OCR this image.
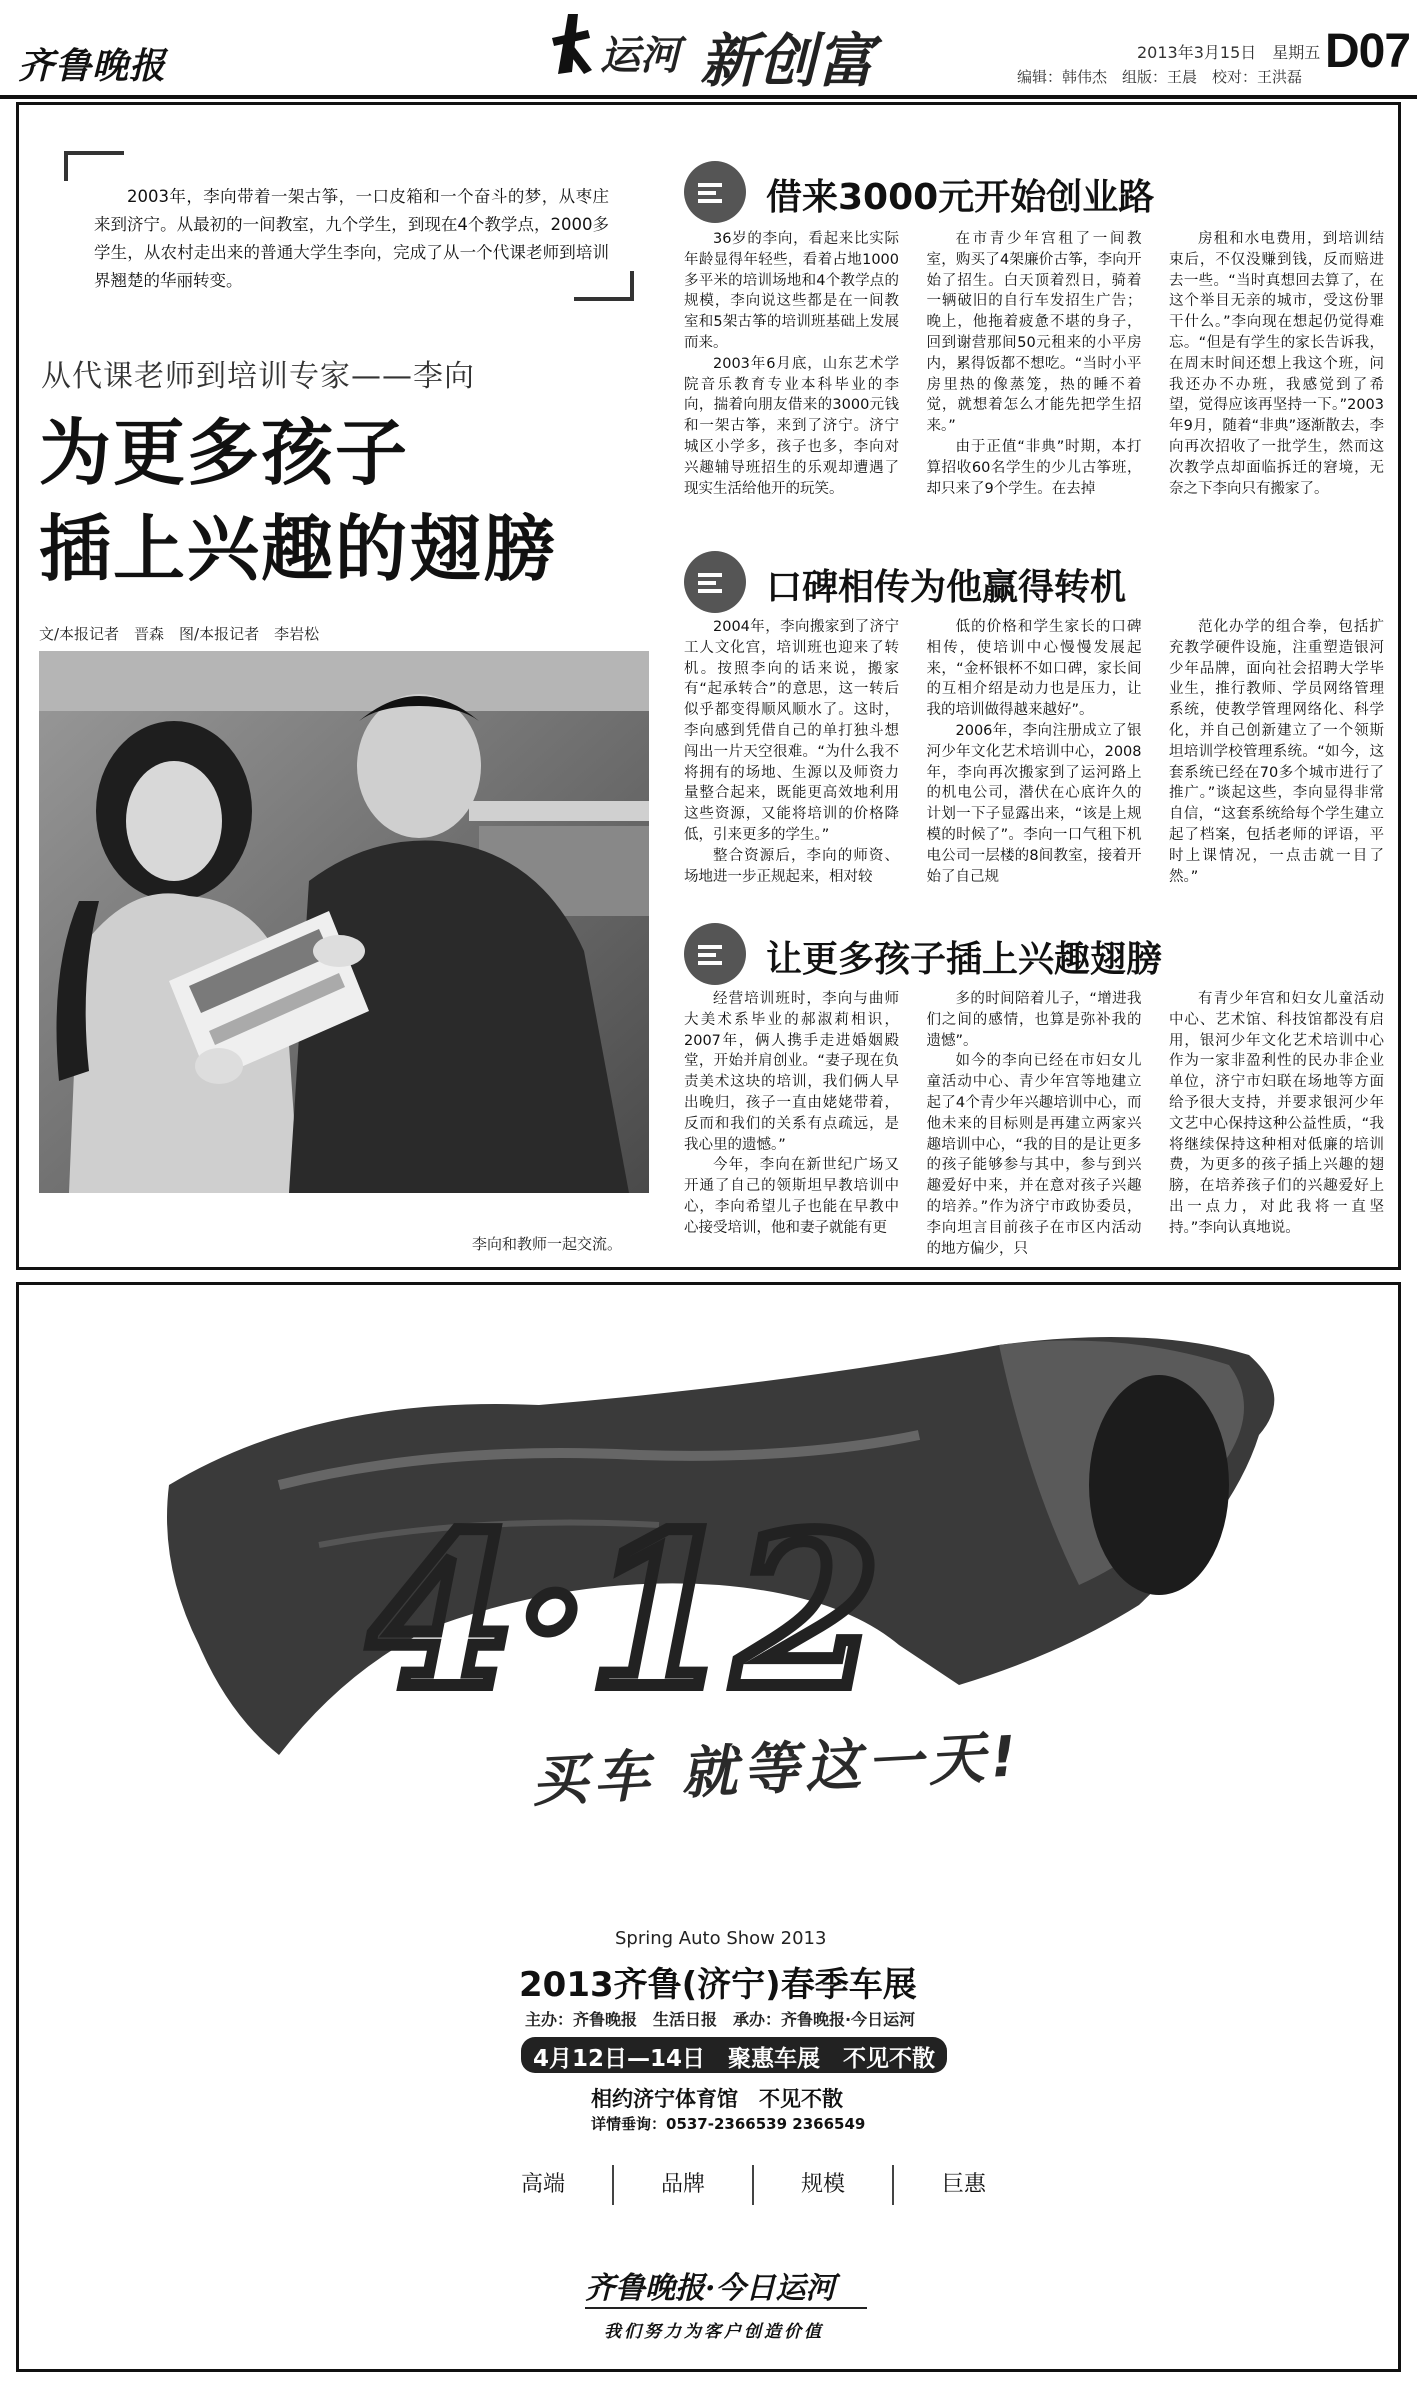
齐鲁晚报	运河 新创富	2013年3月15日　星期五 D07
编辑：韩伟杰　组版：王晨　校对：王洪磊

2003年，李向带着一架古筝，一口皮箱和一个奋斗的梦，从枣庄来到济宁。从最初的一间教室，九个学生，到现在4个教学点，2000多学生，从农村走出来的普通大学生李向，完成了从一个代课老师到培训界翘楚的华丽转变。

从代课老师到培训专家——李向
为更多孩子
插上兴趣的翅膀
文/本报记者　晋森　图/本报记者　李岩松
李向和教师一起交流。
借来3000元开始创业路

36岁的李向，看起来比实际年龄显得年轻些，看着占地1000多平米的培训场地和4个教学点的规模，李向说这些都是在一间教室和5架古筝的培训班基础上发展而来。

2003年6月底，山东艺术学院音乐教育专业本科毕业的李向，揣着向朋友借来的3000元钱和一架古筝，来到了济宁。济宁城区小学多，孩子也多，李向对兴趣辅导班招生的乐观却遭遇了现实生活给他开的玩笑。

在市青少年宫租了一间教室，购买了4架廉价古筝，李向开始了招生。白天顶着烈日，骑着一辆破旧的自行车发招生广告；晚上，他拖着疲惫不堪的身子，回到谢营那间50元租来的小平房内，累得饭都不想吃。“当时小平房里热的像蒸笼，热的睡不着觉，就想着怎么才能先把学生招来。”

由于正值“非典”时期，本打算招收60名学生的少儿古筝班，却只来了9个学生。在去掉

房租和水电费用，到培训结束后，不仅没赚到钱，反而赔进去一些。“当时真想回去算了，在这个举目无亲的城市，受这份罪干什么。”李向现在想起仍觉得难忘。“但是有学生的家长告诉我，在周末时间还想上我这个班，问我还办不办班，我感觉到了希望，觉得应该再坚持一下。”2003年9月，随着“非典”逐渐散去，李向再次招收了一批学生，然而这次教学点却面临拆迁的窘境，无奈之下李向只有搬家了。

口碑相传为他赢得转机

2004年，李向搬家到了济宁工人文化宫，培训班也迎来了转机。按照李向的话来说，搬家有“起承转合”的意思，这一转后似乎都变得顺风顺水了。这时，李向感到凭借自己的单打独斗想闯出一片天空很难。“为什么我不将拥有的场地、生源以及师资力量整合起来，既能更高效地利用这些资源，又能将培训的价格降低，引来更多的学生。”

整合资源后，李向的师资、场地进一步正规起来，相对较

低的价格和学生家长的口碑相传，使培训中心慢慢发展起来，“金杯银杯不如口碑，家长间的互相介绍是动力也是压力，让我的培训做得越来越好”。

2006年，李向注册成立了银河少年文化艺术培训中心，2008年，李向再次搬家到了运河路上的机电公司，潜伏在心底许久的计划一下子显露出来，“该是上规模的时候了”。李向一口气租下机电公司一层楼的8间教室，接着开始了自己规

范化办学的组合拳，包括扩充教学硬件设施，注重塑造银河少年品牌，面向社会招聘大学毕业生，推行教师、学员网络管理系统，使教学管理网络化、科学化，并自己创新建立了一个领斯坦培训学校管理系统。“如今，这套系统已经在70多个城市进行了推广。”谈起这些，李向显得非常自信，“这套系统给每个学生建立起了档案，包括老师的评语，平时上课情况，一点击就一目了然。”

让更多孩子插上兴趣翅膀

经营培训班时，李向与曲师大美术系毕业的郝淑莉相识，2007年，俩人携手走进婚姻殿堂，开始并肩创业。“妻子现在负责美术这块的培训，我们俩人早出晚归，孩子一直由姥姥带着，反而和我们的关系有点疏远，是我心里的遗憾。”

今年，李向在新世纪广场又开通了自己的领斯坦早教培训中心，李向希望儿子也能在早教中心接受培训，他和妻子就能有更

多的时间陪着儿子，“增进我们之间的感情，也算是弥补我的遗憾”。

如今的李向已经在市妇女儿童活动中心、青少年宫等地建立起了4个青少年兴趣培训中心，而他未来的目标则是再建立两家兴趣培训中心，“我的目的是让更多的孩子能够参与其中，参与到兴趣爱好中来，并在意对孩子兴趣的培养。”作为济宁市政协委员，李向坦言目前孩子在市区内活动的地方偏少，只

有青少年宫和妇女儿童活动中心、艺术馆、科技馆都没有启用，银河少年文化艺术培训中心作为一家非盈利性的民办非企业单位，济宁市妇联在场地等方面给予很大支持，并要求银河少年文艺中心保持这种公益性质，“我将继续保持这种相对低廉的培训费，为更多的孩子插上兴趣的翅膀，在培养孩子们的兴趣爱好上出一点力，对此我将一直坚持。”李向认真地说。

4·12
买车 就等这一天!
Spring Auto Show 2013
2013齐鲁(济宁)春季车展
主办：齐鲁晚报　生活日报　承办：齐鲁晚报·今日运河
4月12日—14日　聚惠车展　不见不散
相约济宁体育馆　不见不散
详情垂询：0537-2366539 2366549
高端	品牌	规模	巨惠
齐鲁晚报·今日运河
我们努力为客户创造价值
